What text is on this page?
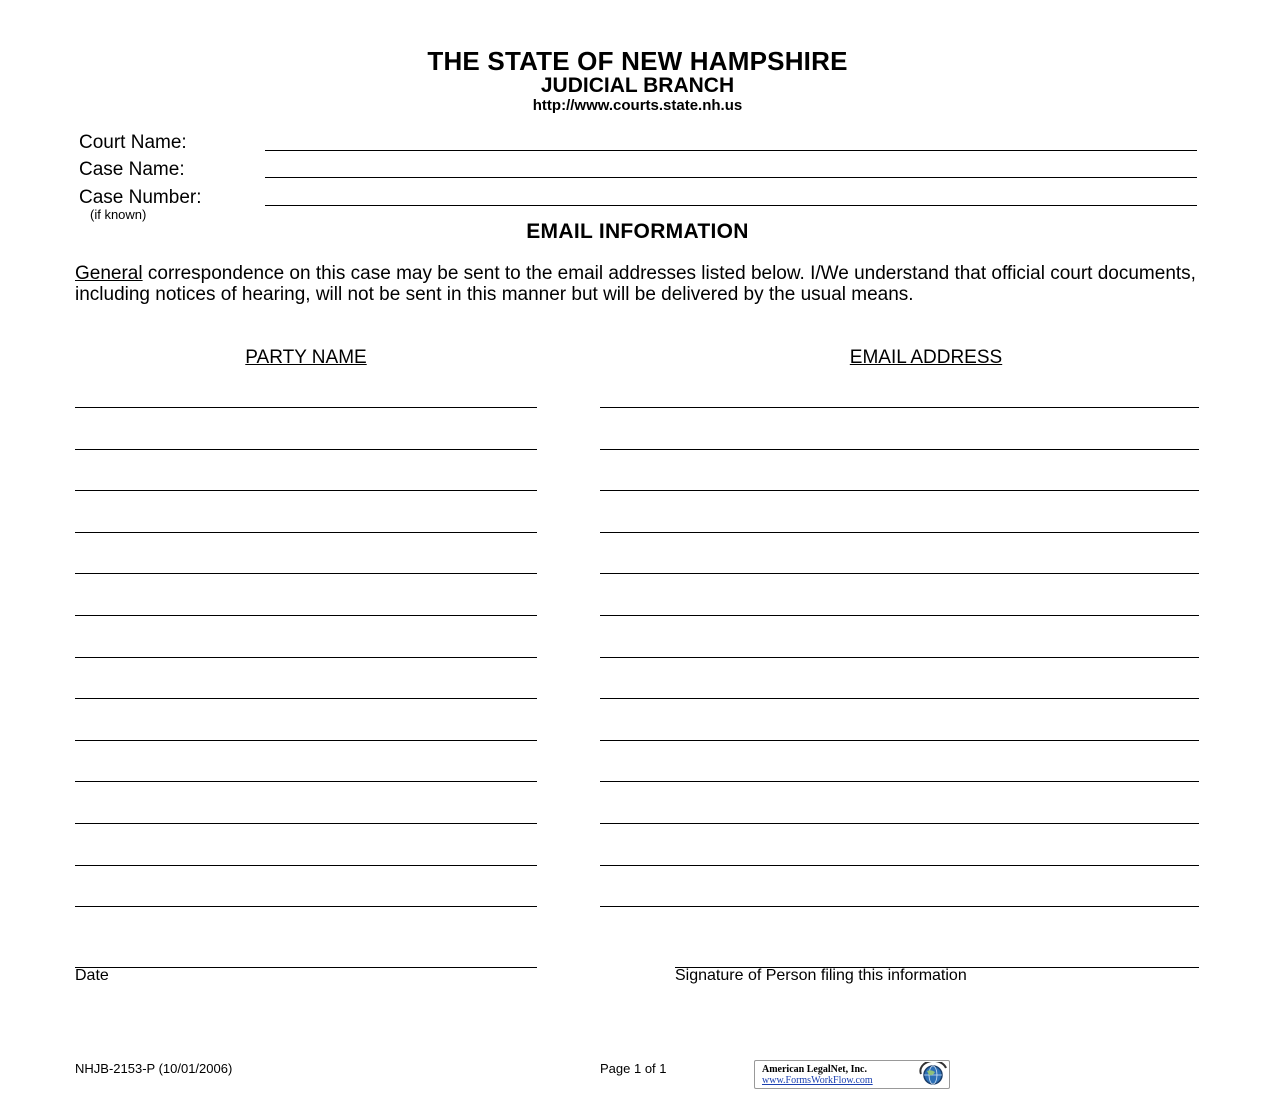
THE STATE OF NEW HAMPSHIRE
JUDICIAL BRANCH
http://www.courts.state.nh.us
Court Name:
Case Name:
Case Number:
(if known)
EMAIL INFORMATION
General correspondence on this case may be sent to the email addresses listed below. I/We understand that official court documents, including notices of hearing, will not be sent in this manner but will be delivered by the usual means.
PARTY NAME	EMAIL ADDRESS
Date	Signature of Person filing this information
NHJB-2153-P (10/01/2006)	Page 1 of 1	American LegalNet, Inc.
www.FormsWorkFlow.com
